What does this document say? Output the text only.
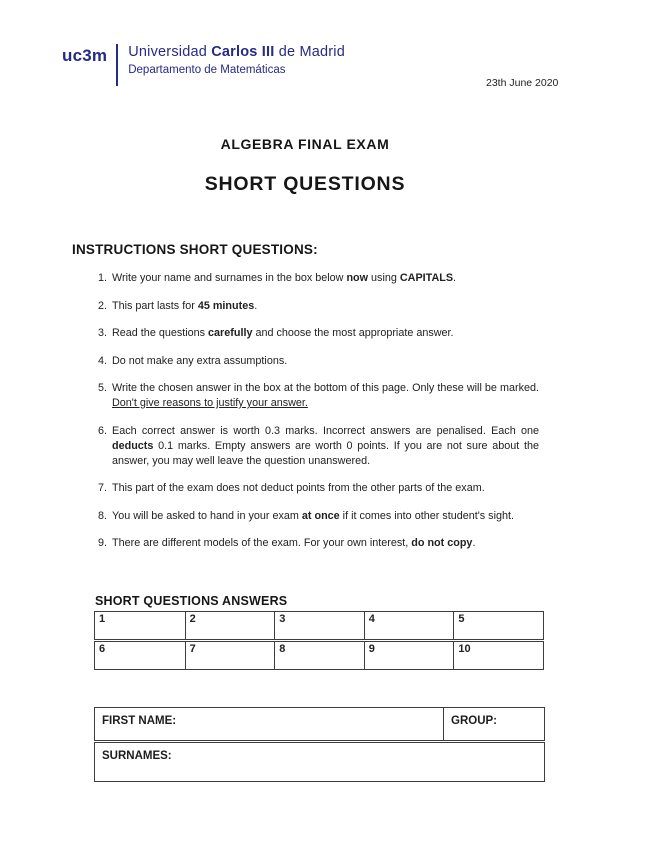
uc3m Universidad Carlos III de Madrid
Departamento de Matemáticas
23th June 2020
ALGEBRA FINAL EXAM
SHORT QUESTIONS
INSTRUCTIONS SHORT QUESTIONS:
1. Write your name and surnames in the box below now using CAPITALS.
2. This part lasts for 45 minutes.
3. Read the questions carefully and choose the most appropriate answer.
4. Do not make any extra assumptions.
5. Write the chosen answer in the box at the bottom of this page. Only these will be marked. Don't give reasons to justify your answer.
6. Each correct answer is worth 0.3 marks. Incorrect answers are penalised. Each one deducts 0.1 marks. Empty answers are worth 0 points. If you are not sure about the answer, you may well leave the question unanswered.
7. This part of the exam does not deduct points from the other parts of the exam.
8. You will be asked to hand in your exam at once if it comes into other student's sight.
9. There are different models of the exam. For your own interest, do not copy.
SHORT QUESTIONS ANSWERS
1	2	3	4	5
6	7	8	9	10
FIRST NAME:	GROUP:
SURNAMES:
